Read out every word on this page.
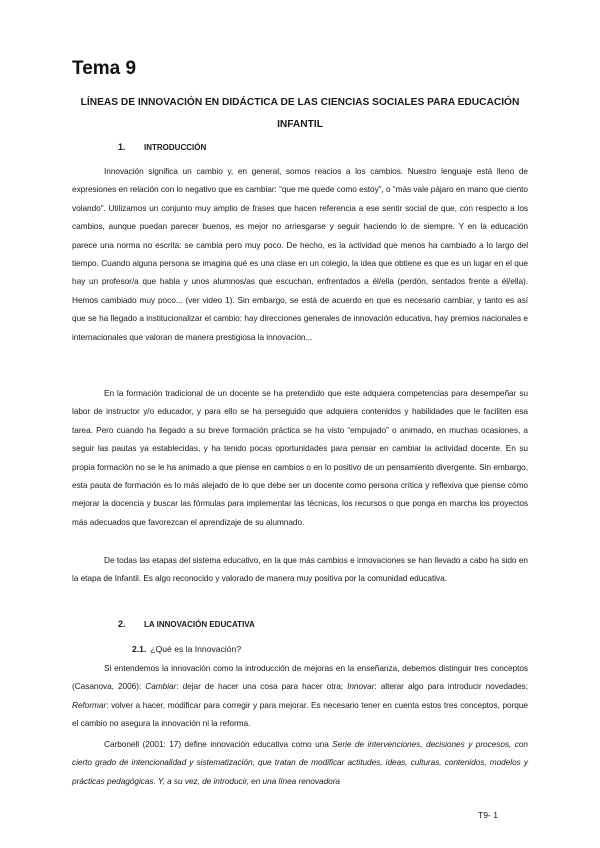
Tema 9
LÍNEAS DE INNOVACIÓN EN DIDÁCTICA DE LAS CIENCIAS SOCIALES PARA EDUCACIÓN
INFANTIL
1. INTRODUCCIÓN

Innovación significa un cambio y, en general, somos reacios a los cambios. Nuestro lenguaje está lleno de expresiones en relación con lo negativo que es cambiar: “que me quede como estoy”, o “más vale pájaro en mano que ciento volando”. Utilizamos un conjunto muy amplio de frases que hacen referencia a ese sentir social de que, con respecto a los cambios, aunque puedan parecer buenos, es mejor no arriesgarse y seguir haciendo lo de siempre. Y en la educación parece una norma no escrita: se cambia pero muy poco. De hecho, es la actividad que menos ha cambiado a lo largo del tiempo. Cuando alguna persona se imagina qué es una clase en un colegio, la idea que obtiene es que es un lugar en el que hay un profesor/a que habla y unos alumnos/as que escuchan, enfrentados a él/ella (perdón, sentados frente a él/ella). Hemos cambiado muy poco... (ver video 1). Sin embargo, se está de acuerdo en que es necesario cambiar, y tanto es así que se ha llegado a institucionalizar el cambio: hay direcciones generales de innovación educativa, hay premios nacionales e internacionales que valoran de manera prestigiosa la innovación...

En la formación tradicional de un docente se ha pretendido que este adquiera competencias para desempeñar su labor de instructor y/o educador, y para ello se ha perseguido que adquiera contenidos y habilidades que le faciliten esa tarea. Pero cuando ha llegado a su breve formación práctica se ha visto “empujado” o animado, en muchas ocasiones, a seguir las pautas ya establecidas, y ha tenido pocas oportunidades para pensar en cambiar la actividad docente. En su propia formación no se le ha animado a que piense en cambios o en lo positivo de un pensamiento divergente. Sin embargo, esta pauta de formación es lo más alejado de lo que debe ser un docente como persona crítica y reflexiva que piense cómo mejorar la docencia y buscar las fórmulas para implementar las técnicas, los recursos o que ponga en marcha los proyectos más adecuados que favorezcan el aprendizaje de su alumnado.

De todas las etapas del sistema educativo, en la que más cambios e innovaciones se han llevado a cabo ha sido en la etapa de Infantil. Es algo reconocido y valorado de manera muy positiva por la comunidad educativa.

2. LA INNOVACIÓN EDUCATIVA
2.1. ¿Qué es la Innovación?

Si entendemos la innovación como la introducción de mejoras en la enseñanza, debemos distinguir tres conceptos (Casanova, 2006): Cambiar: dejar de hacer una cosa para hacer otra; Innovar: alterar algo para introducir novedades; Reformar: volver a hacer, modificar para corregir y para mejorar. Es necesario tener en cuenta estos tres conceptos, porque el cambio no asegura la innovación ni la reforma.

Carbonell (2001: 17) define innovación educativa como una Serie de intervenciones, decisiones y procesos, con cierto grado de intencionalidad y sistematización, que tratan de modificar actitudes, ideas, culturas, contenidos, modelos y prácticas pedagógicas. Y, a su vez, de introducir, en una línea renovadora

T9- 1
